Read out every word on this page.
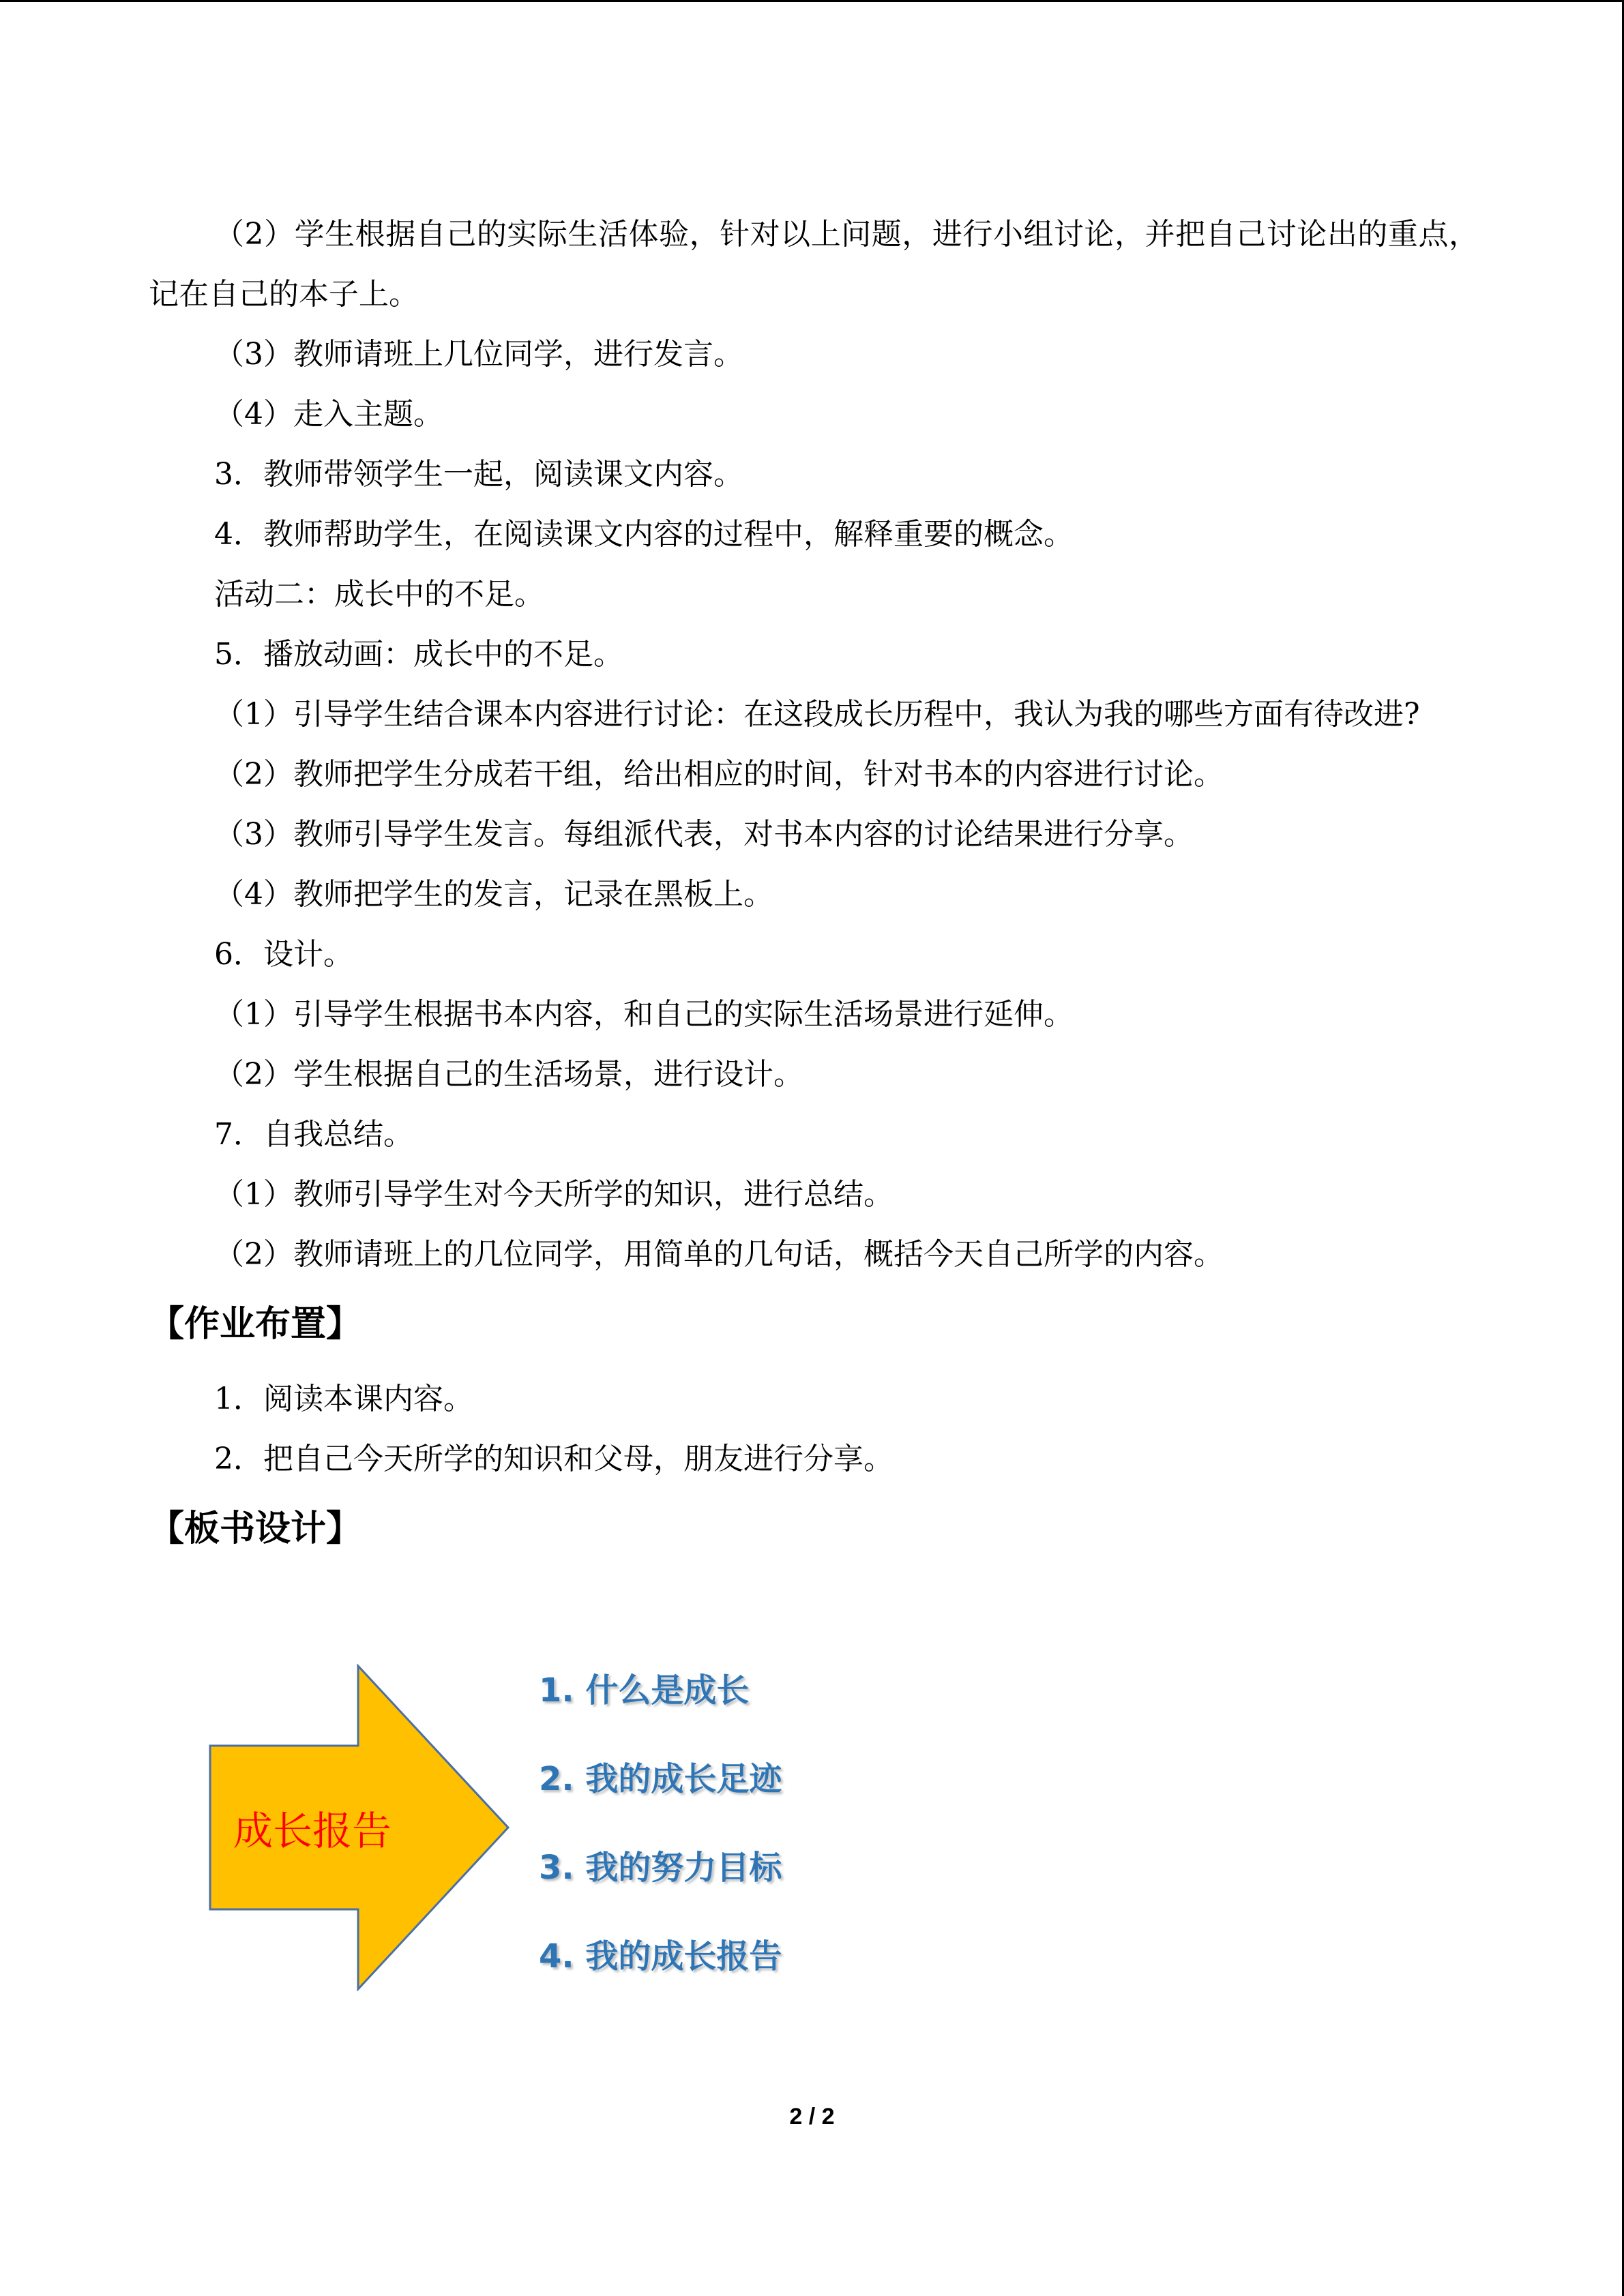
（2）学生根据自己的实际生活体验，针对以上问题，进行小组讨论，并把自己讨论出的重点，记在自己的本子上。
（3）教师请班上几位同学，进行发言。
（4）走入主题。
3．教师带领学生一起，阅读课文内容。
4．教师帮助学生，在阅读课文内容的过程中，解释重要的概念。
活动二：成长中的不足。
5．播放动画：成长中的不足。
（1）引导学生结合课本内容进行讨论：在这段成长历程中，我认为我的哪些方面有待改进?
（2）教师把学生分成若干组，给出相应的时间，针对书本的内容进行讨论。
（3）教师引导学生发言。每组派代表，对书本内容的讨论结果进行分享。
（4）教师把学生的发言，记录在黑板上。
6．设计。
（1）引导学生根据书本内容，和自己的实际生活场景进行延伸。
（2）学生根据自己的生活场景，进行设计。
7．自我总结。
（1）教师引导学生对今天所学的知识，进行总结。
（2）教师请班上的几位同学，用简单的几句话，概括今天自己所学的内容。
【作业布置】
1．阅读本课内容。
2．把自己今天所学的知识和父母，朋友进行分享。
【板书设计】
成长报告
1. 什么是成长
2. 我的成长足迹
3. 我的努力目标
4. 我的成长报告
2 / 2
